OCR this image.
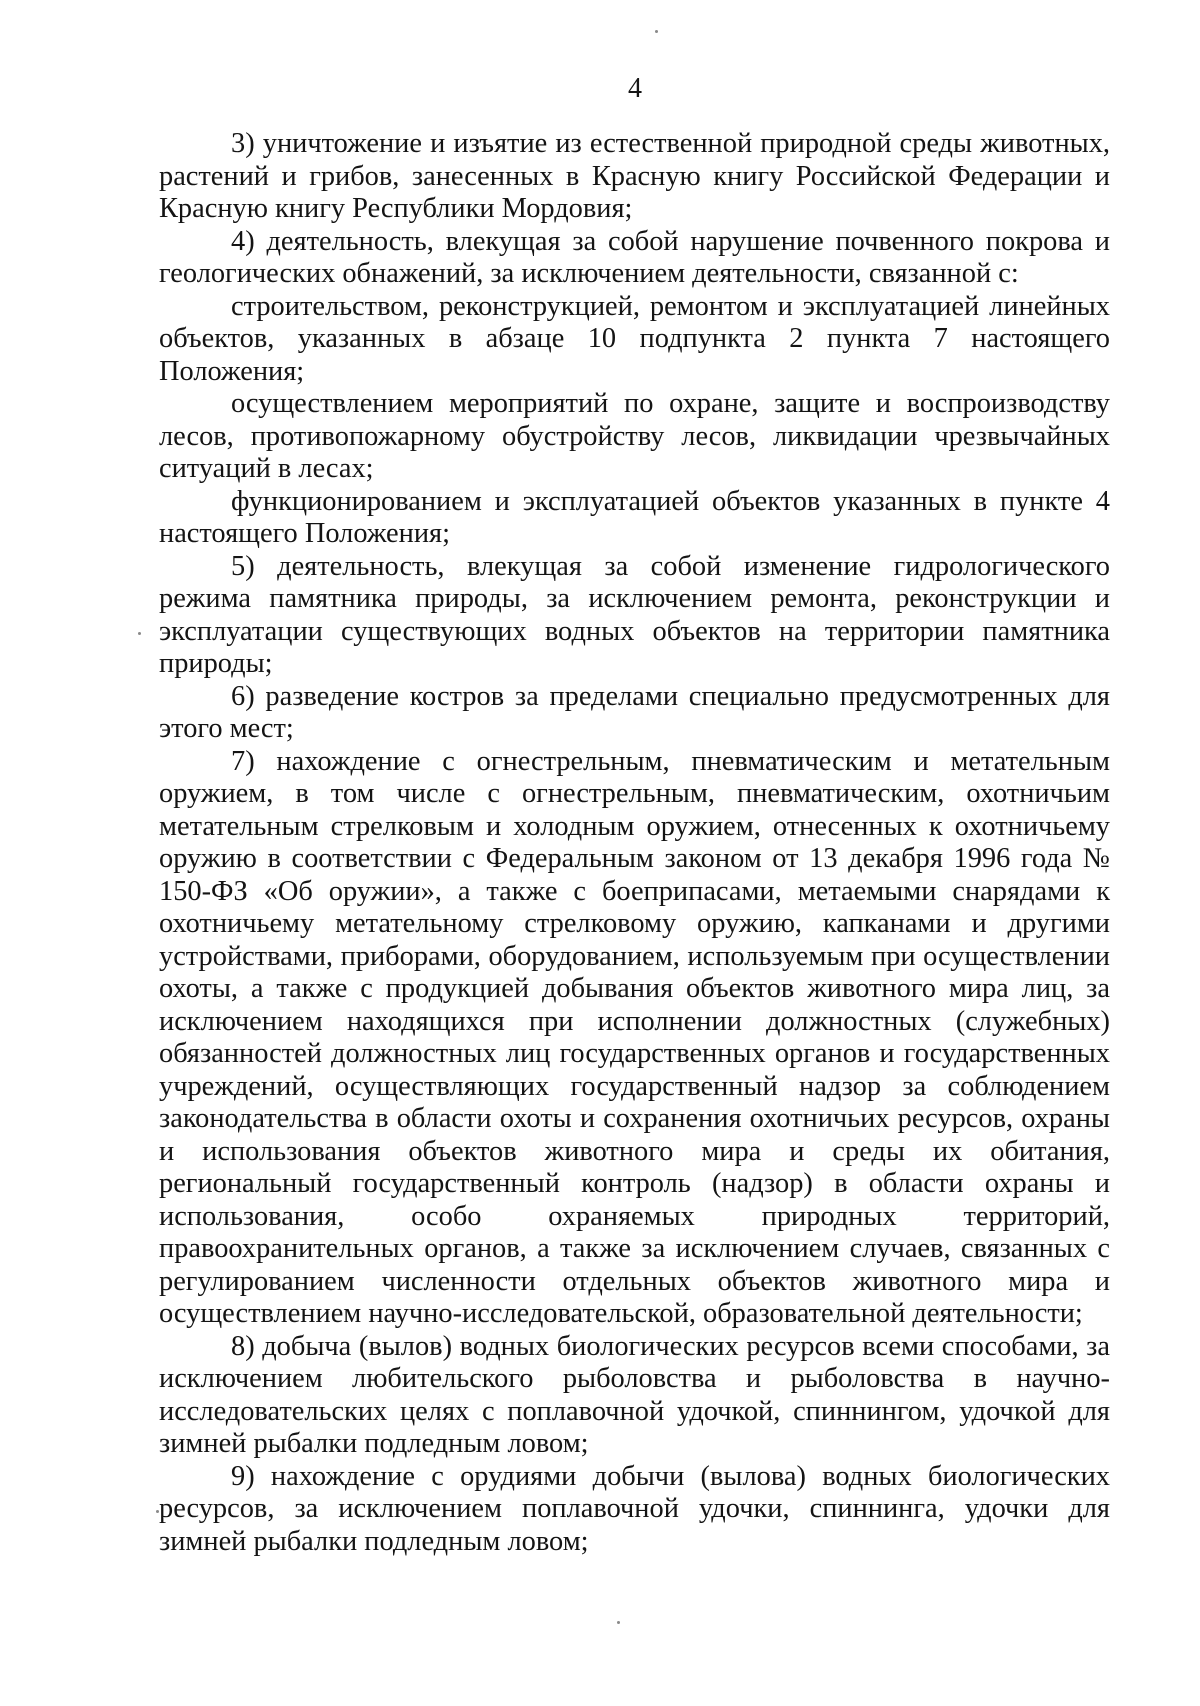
4

3) уничтожение и изъятие из естественной природной среды животных, растений и грибов, занесенных в Красную книгу Российской Федерации и Красную книгу Республики Мордовия;

4) деятельность, влекущая за собой нарушение почвенного покрова и геологических обнажений, за исключением деятельности, связанной с:

строительством, реконструкцией, ремонтом и эксплуатацией линейных объектов, указанных в абзаце 10 подпункта 2 пункта 7 настоящего Положения;

осуществлением мероприятий по охране, защите и воспроизводству лесов, противопожарному обустройству лесов, ликвидации чрезвычайных ситуаций в лесах;

функционированием и эксплуатацией объектов указанных в пункте 4 настоящего Положения;

5) деятельность, влекущая за собой изменение гидрологического режима памятника природы, за исключением ремонта, реконструкции и эксплуатации существующих водных объектов на территории памятника природы;

6) разведение костров за пределами специально предусмотренных для этого мест;

7) нахождение с огнестрельным, пневматическим и метательным оружием, в том числе с огнестрельным, пневматическим, охотничьим метательным стрелковым и холодным оружием, отнесенных к охотничьему оружию в соответствии с Федеральным законом от 13 декабря 1996 года № 150-ФЗ «Об оружии», а также с боеприпасами, метаемыми снарядами к охотничьему метательному стрелковому оружию, капканами и другими устройствами, приборами, оборудованием, используемым при осуществлении охоты, а также с продукцией добывания объектов животного мира лиц, за исключением находящихся при исполнении должностных (служебных) обязанностей должностных лиц государственных органов и государственных учреждений, осуществляющих государственный надзор за соблюдением законодательства в области охоты и сохранения охотничьих ресурсов, охраны и использования объектов животного мира и среды их обитания, региональный государственный контроль (надзор) в области охраны и использования, особо охраняемых природных территорий, правоохранительных органов, а также за исключением случаев, связанных с регулированием численности отдельных объектов животного мира и осуществлением научно-исследовательской, образовательной деятельности;

8) добыча (вылов) водных биологических ресурсов всеми способами, за исключением любительского рыболовства и рыболовства в научно-исследовательских целях с поплавочной удочкой, спиннингом, удочкой для зимней рыбалки подледным ловом;

9) нахождение с орудиями добычи (вылова) водных биологических ресурсов, за исключением поплавочной удочки, спиннинга, удочки для зимней рыбалки подледным ловом;
